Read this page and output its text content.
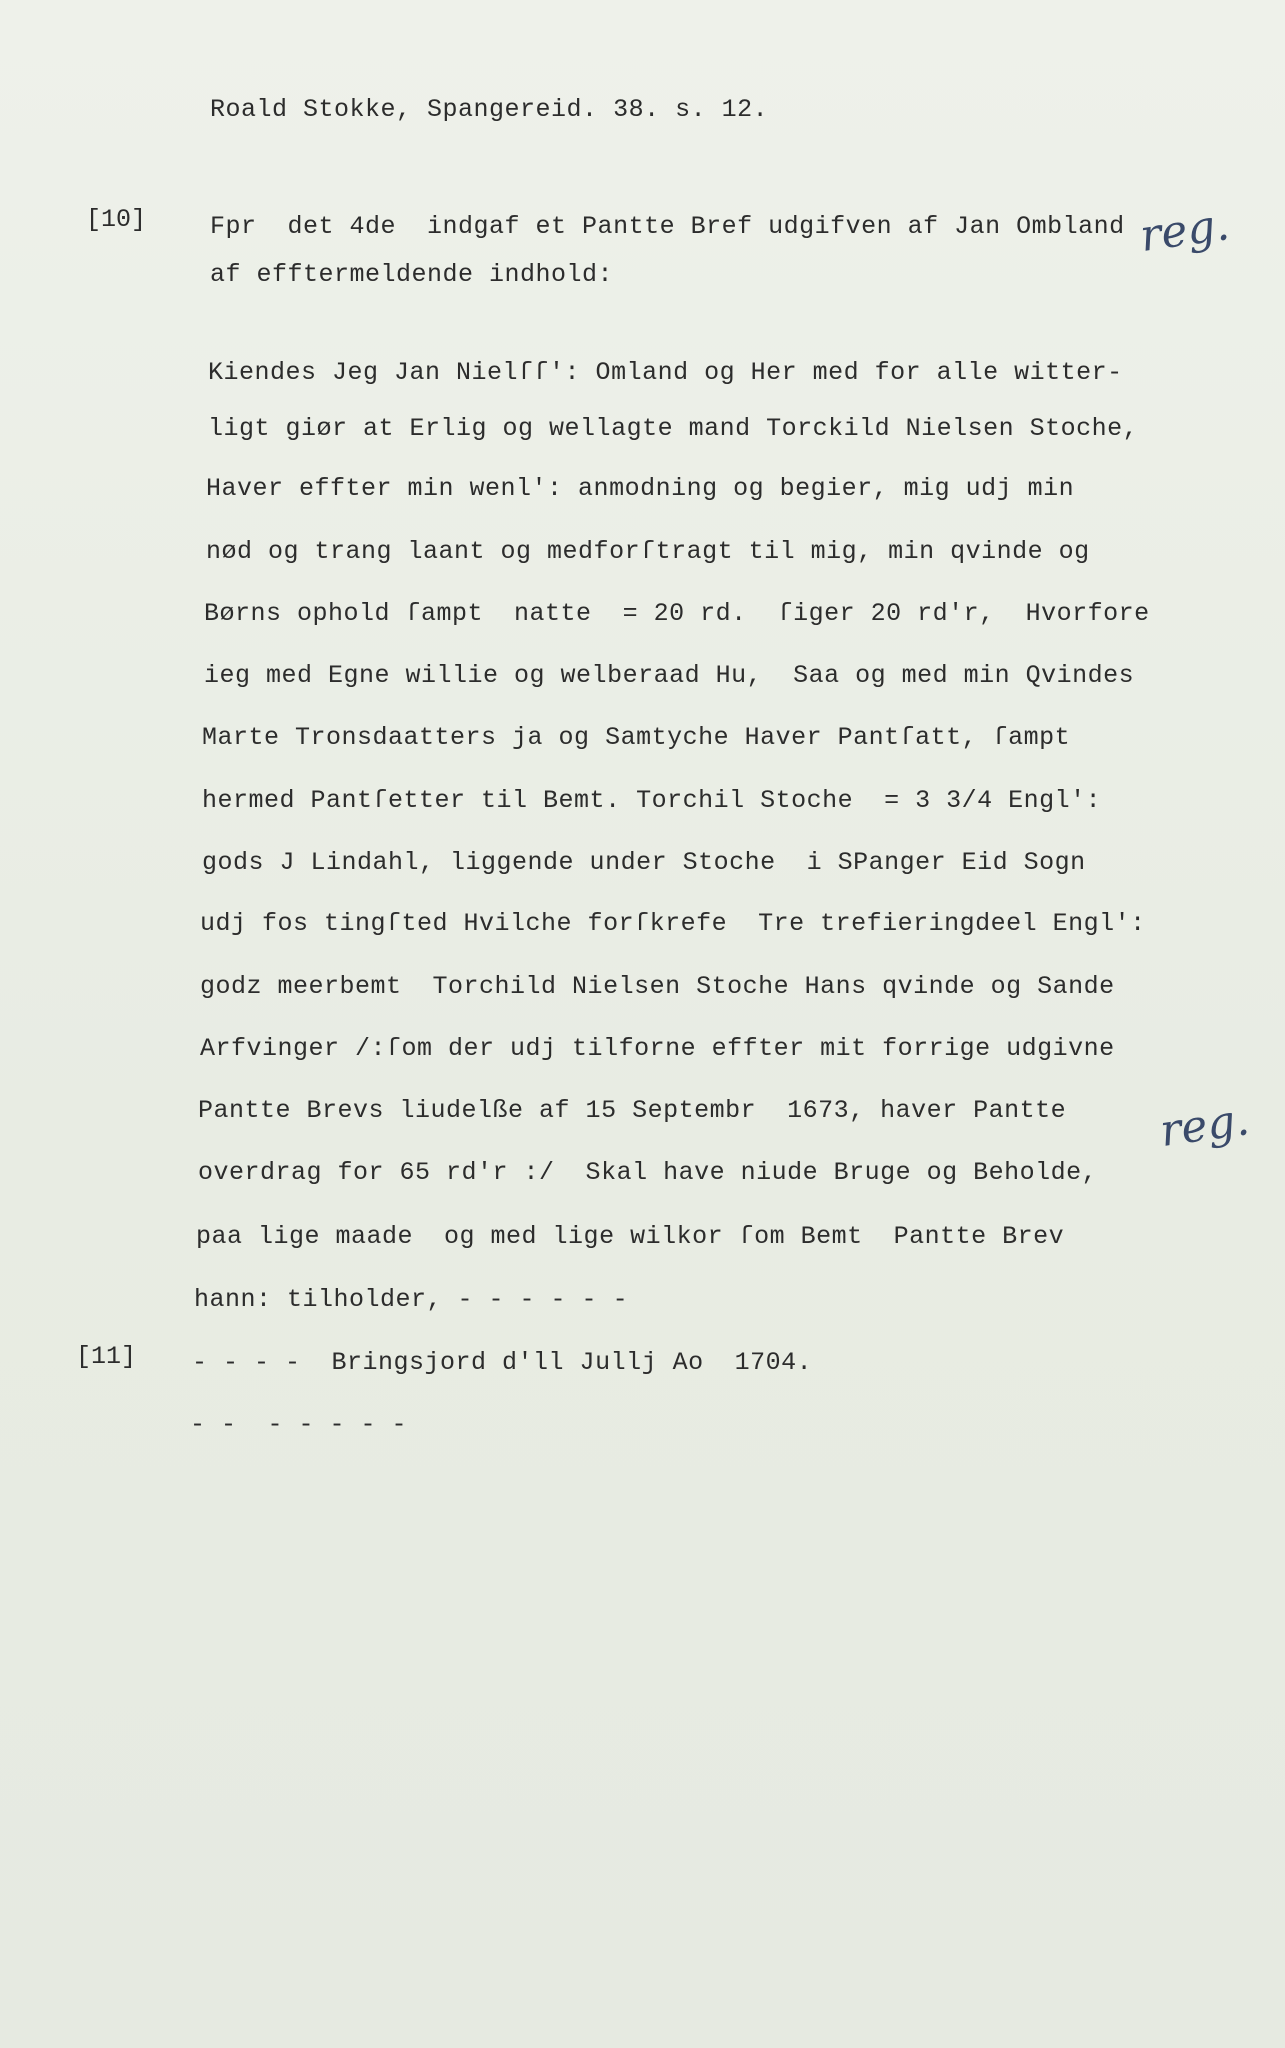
Roald Stokke, Spangereid. 38. s. 12.
[10]	Fpr  det 4de  indgaf et Pantte Bref udgifven af Jan Ombland
af efftermeldende indhold:
reg.
Kiendes Jeg Jan Nielſſ': Omland og Her med for alle witter-
ligt giør at Erlig og wellagte mand Torckild Nielsen Stoche,
Haver effter min wenl': anmodning og begier, mig udj min
nød og trang laant og medforſtragt til mig, min qvinde og
Børns ophold ſampt  natte  = 20 rd.  ſiger 20 rd'r,  Hvorfore
ieg med Egne willie og welberaad Hu,  Saa og med min Qvindes
Marte Tronsdaatters ja og Samtyche Haver Pantſatt, ſampt
hermed Pantſetter til Bemt. Torchil Stoche  = 3 3/4 Engl':
gods J Lindahl, liggende under Stoche  i SPanger Eid Sogn
udj fos tingſted Hvilche forſkrefe  Tre trefieringdeel Engl':
godz meerbemt  Torchild Nielsen Stoche Hans qvinde og Sande
Arfvinger /:ſom der udj tilforne effter mit forrige udgivne
Pantte Brevs liudelße af 15 Septembr  1673, haver Pantte
overdrag for 65 rd'r :/  Skal have niude Bruge og Beholde,
paa lige maade  og med lige wilkor ſom Bemt  Pantte Brev
hann: tilholder, - - - - - -
reg.
[11] - - - -  Bringsjord d'll Jullj Ao  1704.
- -  - - - - -
